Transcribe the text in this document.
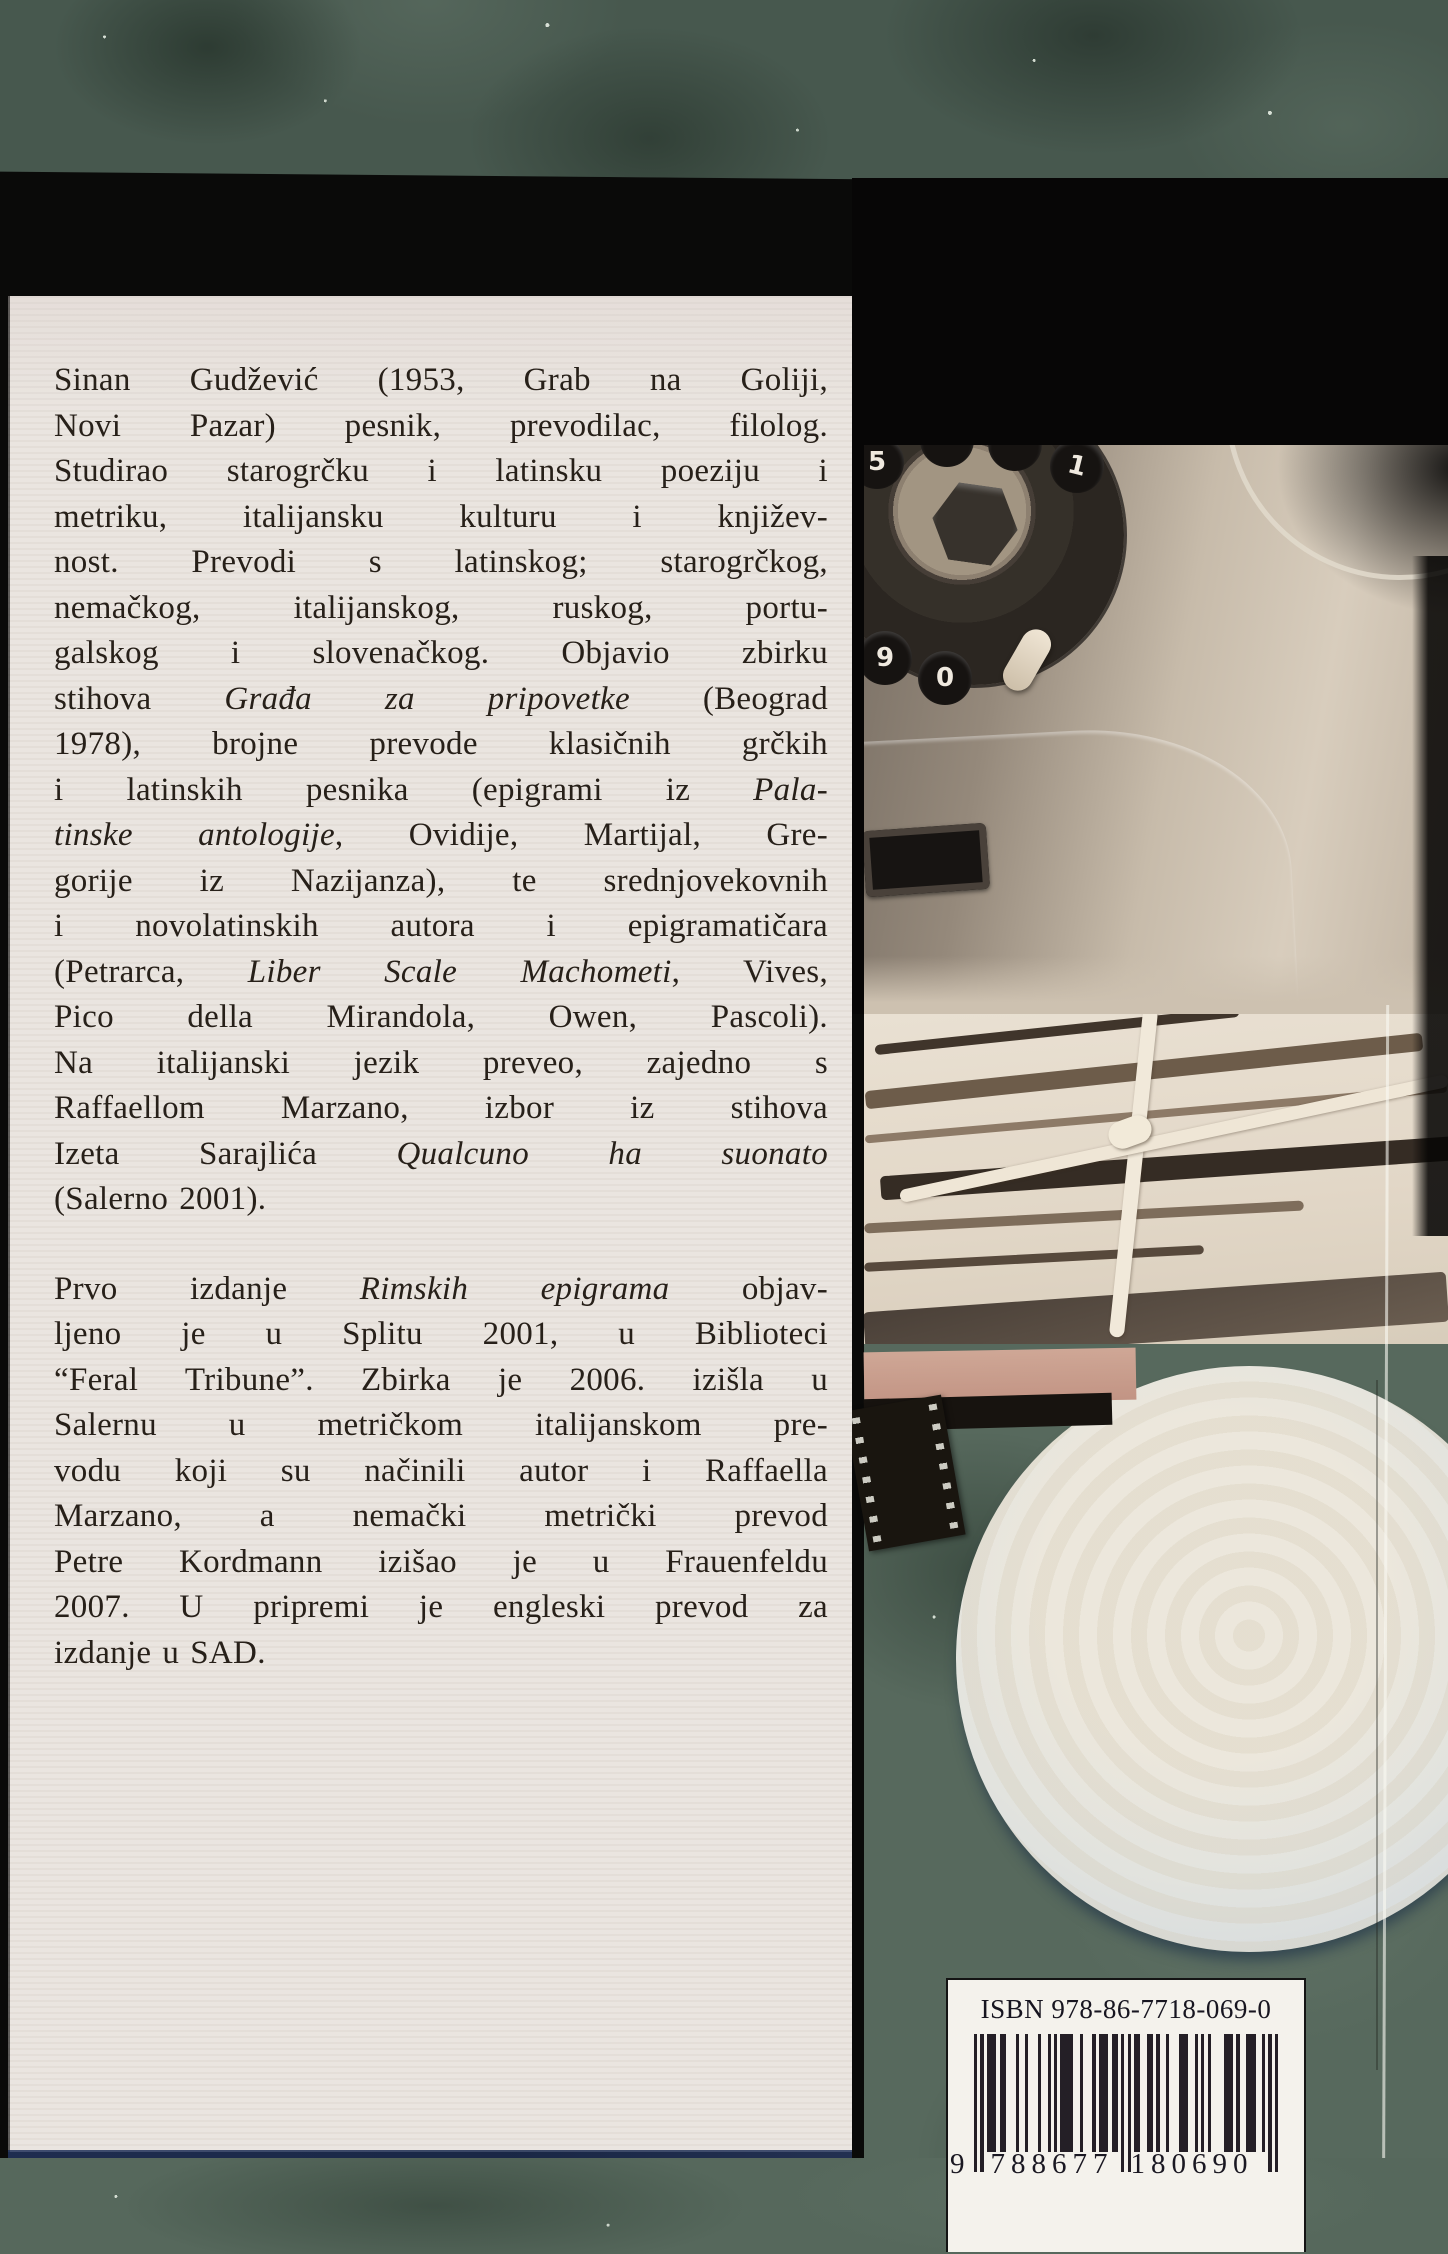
5	1
9
0
Sinan Gudžević (1953, Grab na Goliji,
Novi Pazar) pesnik, prevodilac, filolog.
Studirao starogrčku i latinsku poeziju i
metriku, italijansku kulturu i književ-
nost. Prevodi s latinskog; starogrčkog,
nemačkog, italijanskog, ruskog, portu-
galskog i slovenačkog. Objavio zbirku
stihova Građa za pripovetke (Beograd
1978), brojne prevode klasičnih grčkih
i latinskih pesnika (epigrami iz Pala-
tinske antologije, Ovidije, Martijal, Gre-
gorije iz Nazijanza), te srednjovekovnih
i novolatinskih autora i epigramatičara
(Petrarca, Liber Scale Machometi, Vives,
Pico della Mirandola, Owen, Pascoli).
Na italijanski jezik preveo, zajedno s
Raffaellom Marzano, izbor iz stihova
Izeta Sarajlića Qualcuno ha suonato
(Salerno 2001).
Prvo izdanje Rimskih epigrama objav-
ljeno je u Splitu 2001, u Biblioteci
“Feral Tribune”. Zbirka je 2006. izišla u
Salernu u metričkom italijanskom pre-
vodu koji su načinili autor i Raffaella
Marzano, a nemački metrički prevod
Petre Kordmann izišao je u Frauenfeldu
2007. U pripremi je engleski prevod za
izdanje u SAD.
ISBN 978-86-7718-069-0
9 788677 180690
